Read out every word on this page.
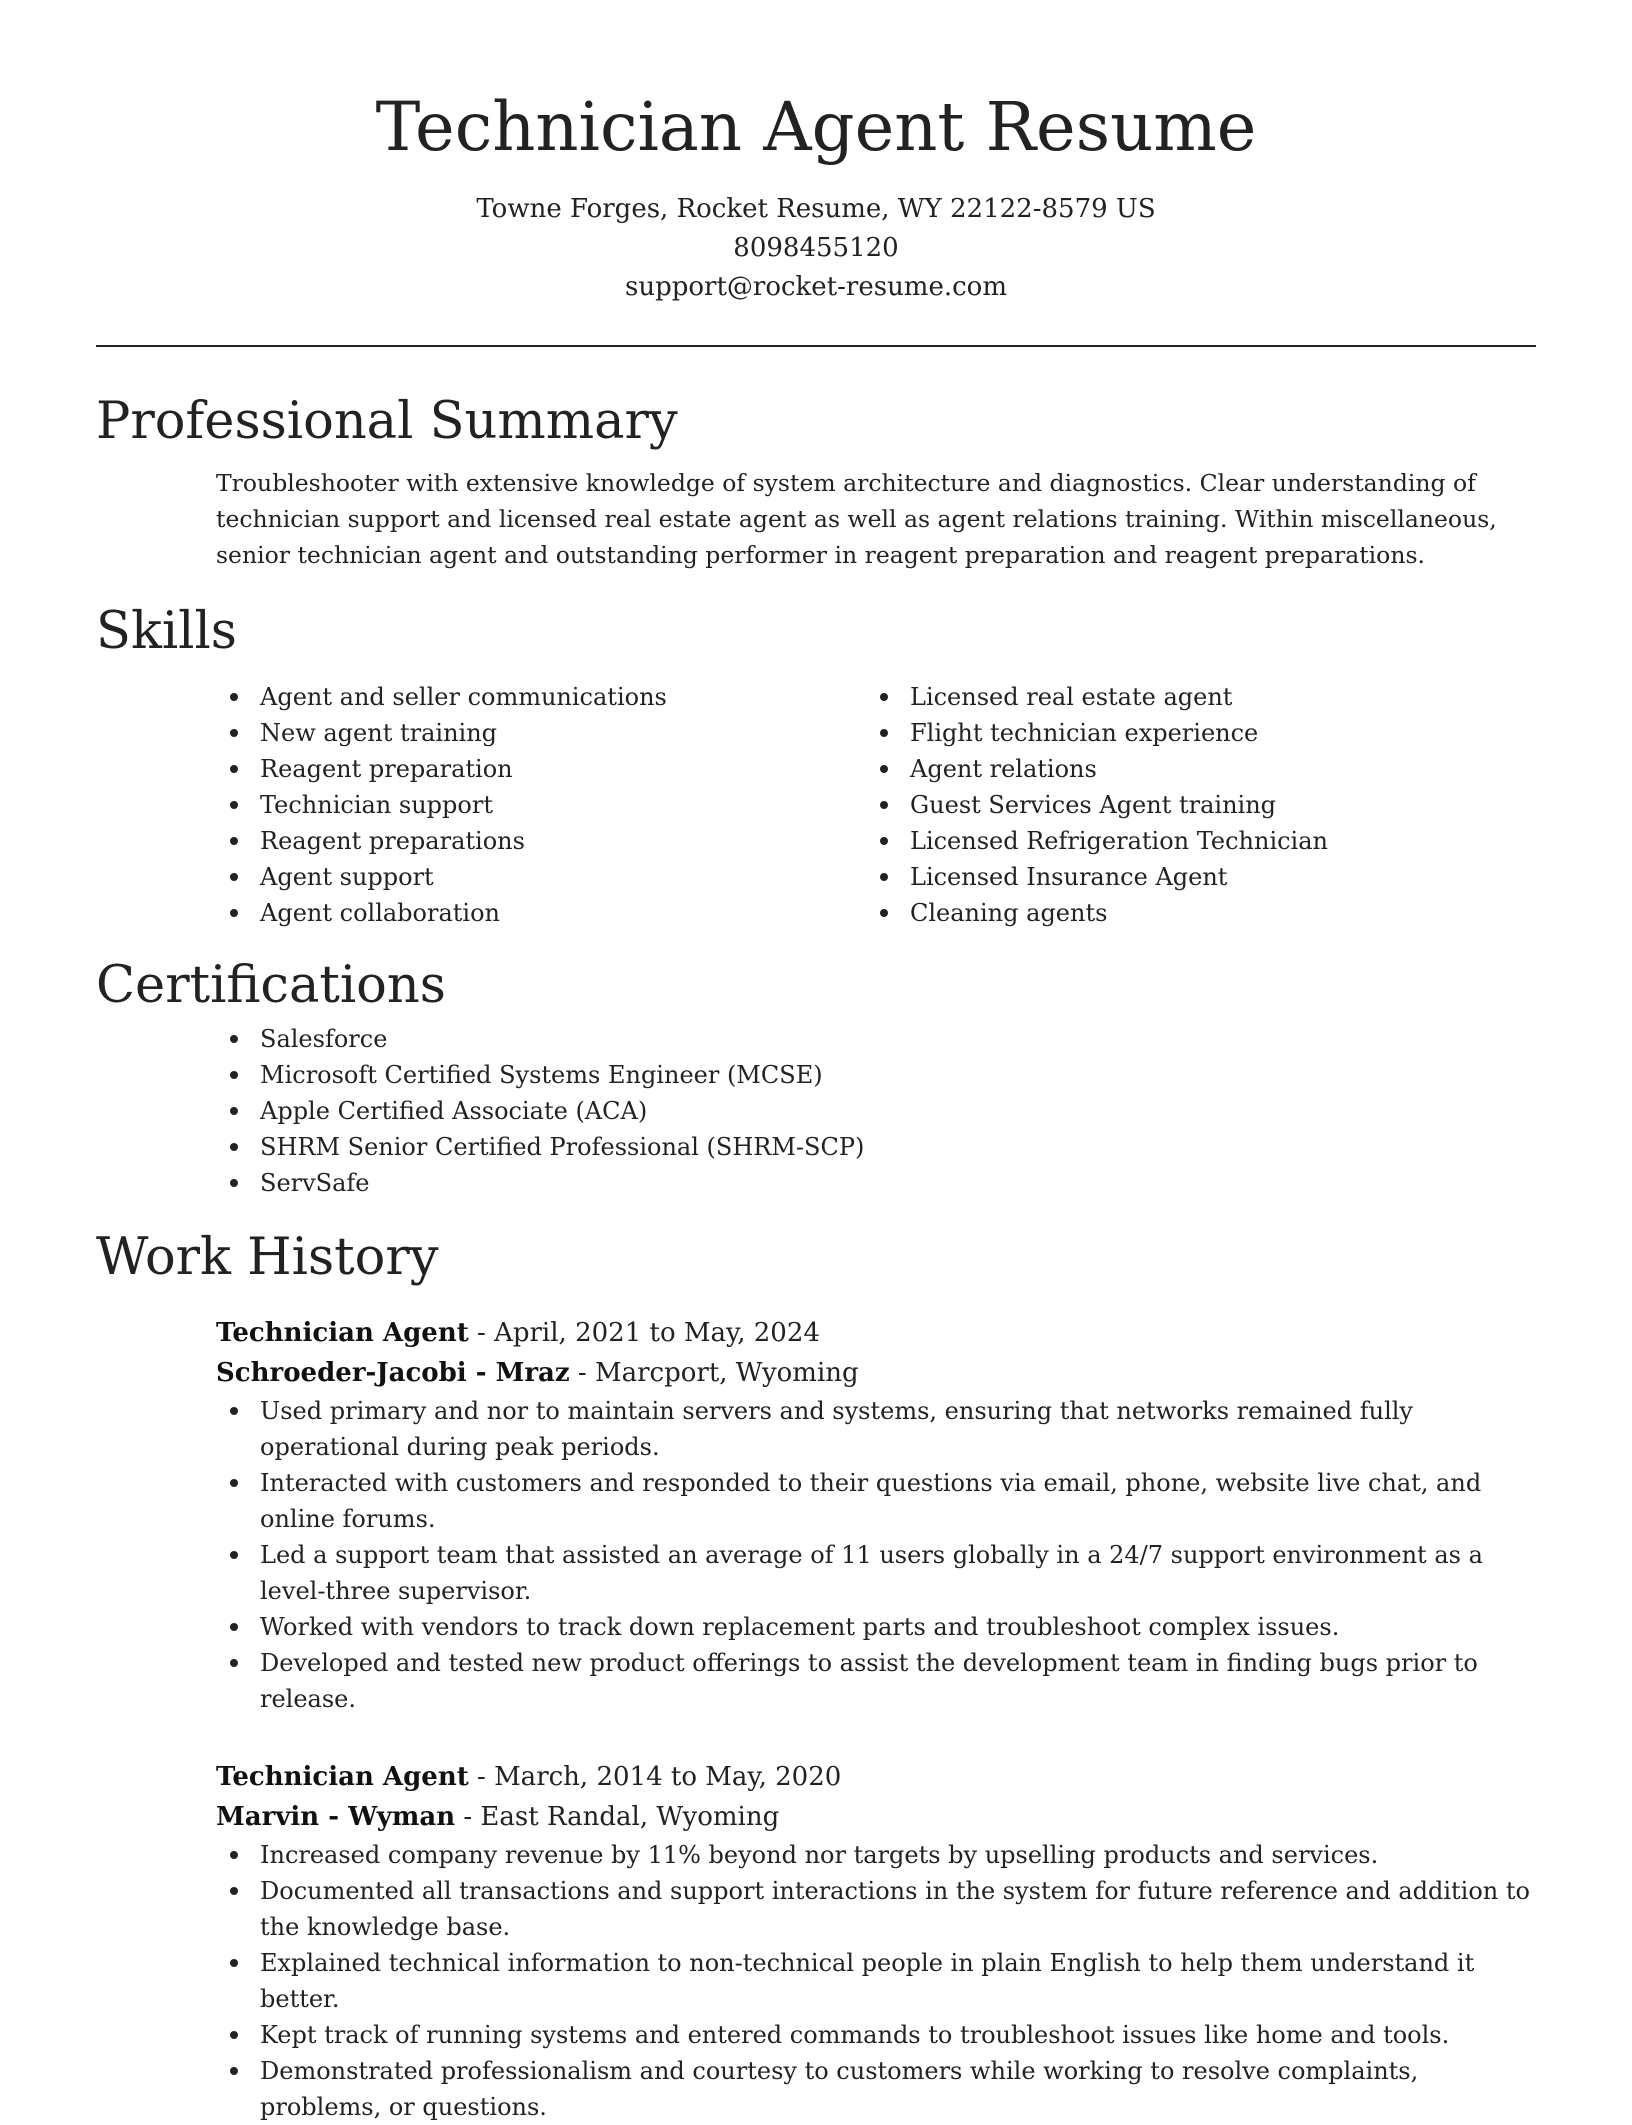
Technician Agent Resume
Towne Forges, Rocket Resume, WY 22122-8579 US
8098455120
support@rocket-resume.com
Professional Summary

Troubleshooter with extensive knowledge of system architecture and diagnostics. Clear understanding of technician support and licensed real estate agent as well as agent relations training. Within miscellaneous, senior technician agent and outstanding performer in reagent preparation and reagent preparations.

Skills
Agent and seller communications
New agent training
Reagent preparation
Technician support
Reagent preparations
Agent support
Agent collaboration
Licensed real estate agent
Flight technician experience
Agent relations
Guest Services Agent training
Licensed Refrigeration Technician
Licensed Insurance Agent
Cleaning agents
Certifications
Salesforce
Microsoft Certified Systems Engineer (MCSE)
Apple Certified Associate (ACA)
SHRM Senior Certified Professional (SHRM-SCP)
ServSafe
Work History
Technician Agent - April, 2021 to May, 2024
Schroeder-Jacobi - Mraz - Marcport, Wyoming
Used primary and nor to maintain servers and systems, ensuring that networks remained fully operational during peak periods.
Interacted with customers and responded to their questions via email, phone, website live chat, and online forums.
Led a support team that assisted an average of 11 users globally in a 24/7 support environment as a level-three supervisor.
Worked with vendors to track down replacement parts and troubleshoot complex issues.
Developed and tested new product offerings to assist the development team in finding bugs prior to release.
Technician Agent - March, 2014 to May, 2020
Marvin - Wyman - East Randal, Wyoming
Increased company revenue by 11% beyond nor targets by upselling products and services.
Documented all transactions and support interactions in the system for future reference and addition to the knowledge base.
Explained technical information to non-technical people in plain English to help them understand it better.
Kept track of running systems and entered commands to troubleshoot issues like home and tools.
Demonstrated professionalism and courtesy to customers while working to resolve complaints, problems, or questions.
